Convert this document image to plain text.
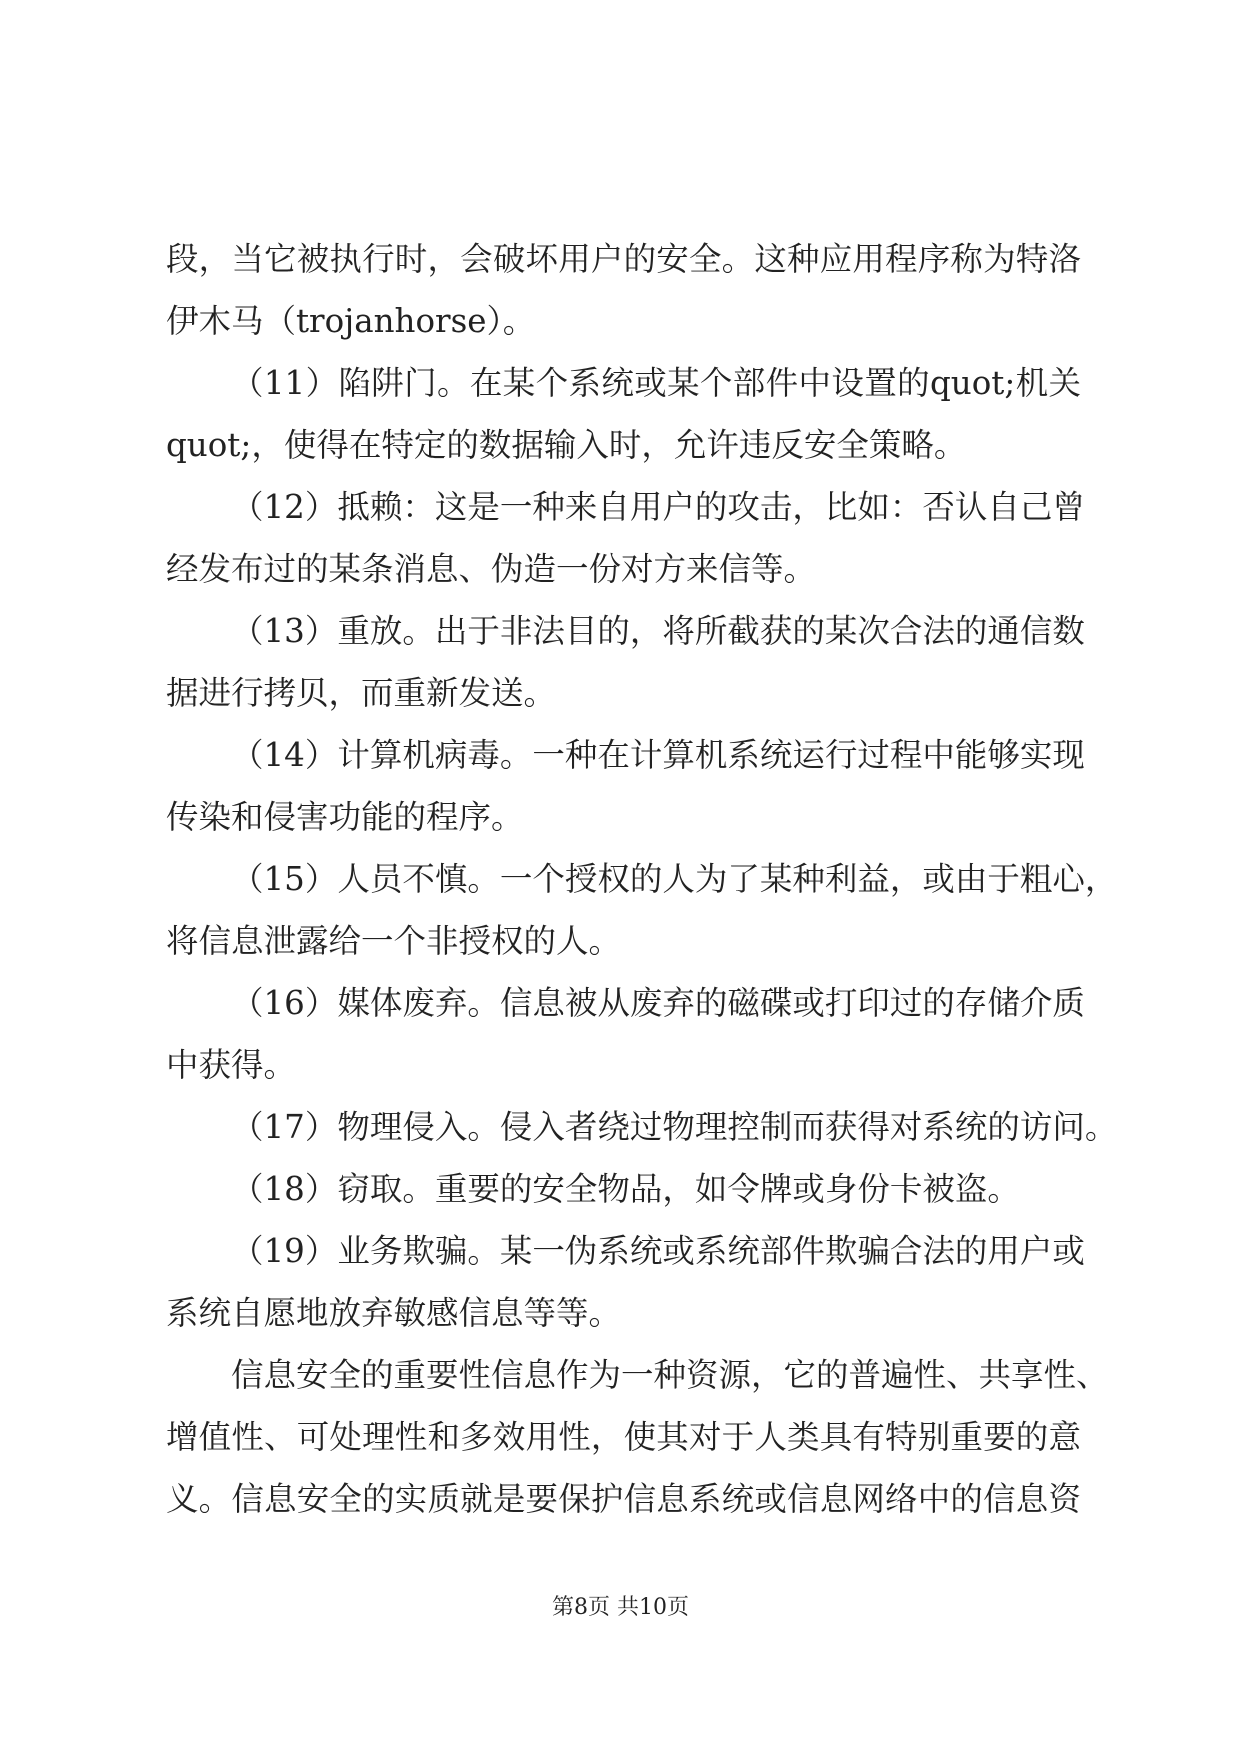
段，当它被执行时，会破坏用户的安全。这种应用程序称为特洛
伊木马（trojanhorse）。
（11）陷阱门。在某个系统或某个部件中设置的quot;机关
quot;，使得在特定的数据输入时，允许违反安全策略。
（12）抵赖：这是一种来自用户的攻击，比如：否认自己曾
经发布过的某条消息、伪造一份对方来信等。
（13）重放。出于非法目的，将所截获的某次合法的通信数
据进行拷贝，而重新发送。
（14）计算机病毒。一种在计算机系统运行过程中能够实现
传染和侵害功能的程序。
（15）人员不慎。一个授权的人为了某种利益，或由于粗心，
将信息泄露给一个非授权的人。
（16）媒体废弃。信息被从废弃的磁碟或打印过的存储介质
中获得。
（17）物理侵入。侵入者绕过物理控制而获得对系统的访问。
（18）窃取。重要的安全物品，如令牌或身份卡被盗。
（19）业务欺骗。某一伪系统或系统部件欺骗合法的用户或
系统自愿地放弃敏感信息等等。
信息安全的重要性信息作为一种资源，它的普遍性、共享性、
增值性、可处理性和多效用性，使其对于人类具有特别重要的意
义。信息安全的实质就是要保护信息系统或信息网络中的信息资
第8页 共10页
